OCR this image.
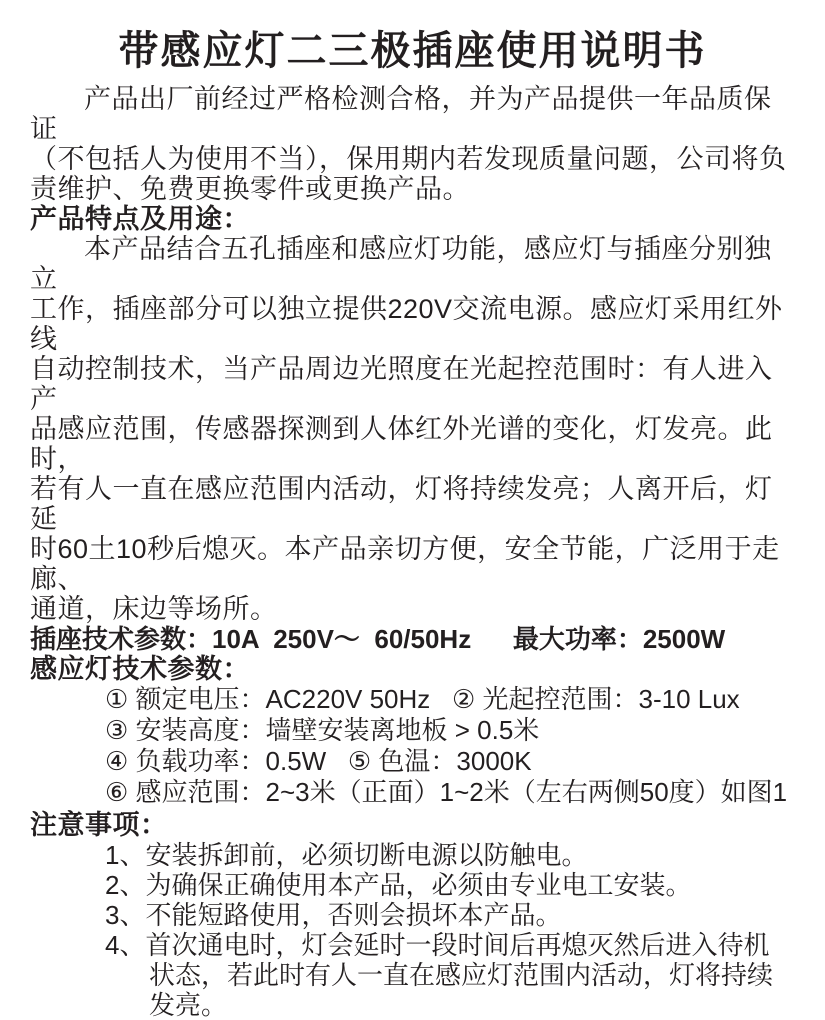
带感应灯二三极插座使用说明书
产品出厂前经过严格检测合格，并为产品提供一年品质保证
（不包括人为使用不当），保用期内若发现质量问题，公司将负
责维护、免费更换零件或更换产品。
产品特点及用途：
本产品结合五孔插座和感应灯功能，感应灯与插座分别独立
工作，插座部分可以独立提供220V交流电源。感应灯采用红外线
自动控制技术，当产品周边光照度在光起控范围时：有人进入产
品感应范围，传感器探测到人体红外光谱的变化，灯发亮。此时，
若有人一直在感应范围内活动，灯将持续发亮；人离开后，灯延
时60土10秒后熄灭。本产品亲切方便，安全节能，广泛用于走廊、
通道，床边等场所。
插座技术参数：10A  250V～  60/50Hz 最大功率：2500W
感应灯技术参数：
① 额定电压：AC220V 50Hz   ② 光起控范围：3-10 Lux
③ 安装高度：墙壁安装离地板 > 0.5米
④ 负载功率：0.5W   ⑤ 色温：3000K
⑥ 感应范围：2~3米（正面）1~2米（左右两侧50度）如图1
注意事项：
1、安装拆卸前，必须切断电源以防触电。
2、为确保正确使用本产品，必须由专业电工安装。
3、不能短路使用，否则会损坏本产品。
4、首次通电时，灯会延时一段时间后再熄灭然后进入待机
状态，若此时有人一直在感应灯范围内活动，灯将持续
发亮。
